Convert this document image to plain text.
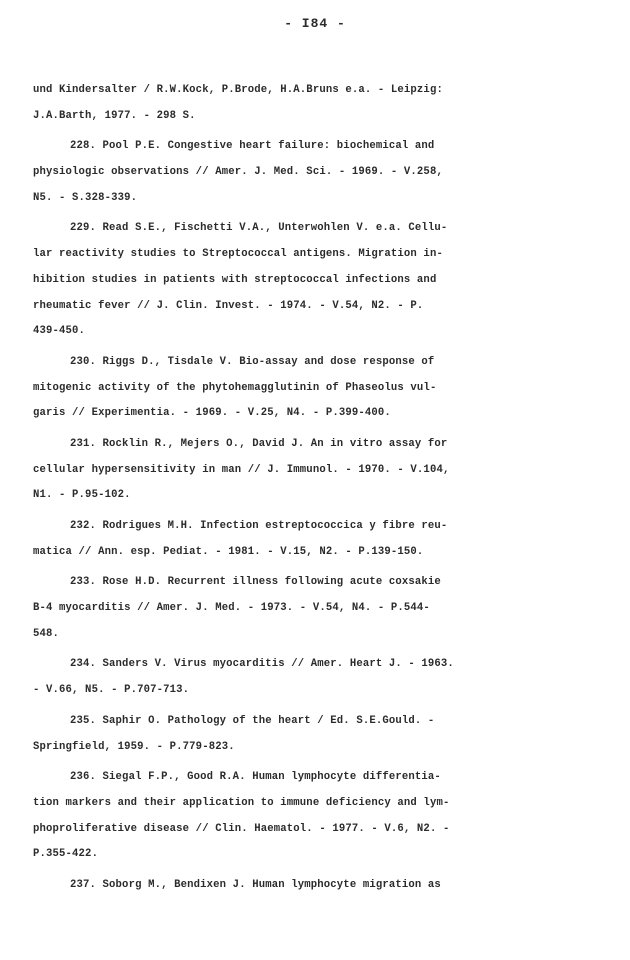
- I84 -
und Kindersalter / R.W.Kock, P.Brode, H.A.Bruns e.a. - Leipzig:
J.A.Barth, 1977. - 298 S.
228. Pool P.E. Congestive heart failure: biochemical and
physiologic observations // Amer. J. Med. Sci. - 1969. - V.258,
N5. - S.328-339.
229. Read S.E., Fischetti V.A., Unterwohlen V. e.a. Cellu-
lar reactivity studies to Streptococcal antigens. Migration in-
hibition studies in patients with streptococcal infections and
rheumatic fever // J. Clin. Invest. - 1974. - V.54, N2. - P.
439-450.
230. Riggs D., Tisdale V. Bio-assay and dose response of
mitogenic activity of the phytohemagglutinin of Phaseolus vul-
garis // Experimentia. - 1969. - V.25, N4. - P.399-400.
231. Rocklin R., Mejers O., David J. An in vitro assay for
cellular hypersensitivity in man // J. Immunol. - 1970. - V.104,
N1. - P.95-102.
232. Rodrigues M.H. Infection estreptococcica y fibre reu-
matica // Ann. esp. Pediat. - 1981. - V.15, N2. - P.139-150.
233. Rose H.D. Recurrent illness following acute coxsakie
B-4 myocarditis // Amer. J. Med. - 1973. - V.54, N4. - P.544-
548.
234. Sanders V. Virus myocarditis // Amer. Heart J. - 1963.
- V.66, N5. - P.707-713.
235. Saphir O. Pathology of the heart / Ed. S.E.Gould. -
Springfield, 1959. - P.779-823.
236. Siegal F.P., Good R.A. Human lymphocyte differentia-
tion markers and their application to immune deficiency and lym-
phoproliferative disease // Clin. Haematol. - 1977. - V.6, N2. -
P.355-422.
237. Soborg M., Bendixen J. Human lymphocyte migration as
